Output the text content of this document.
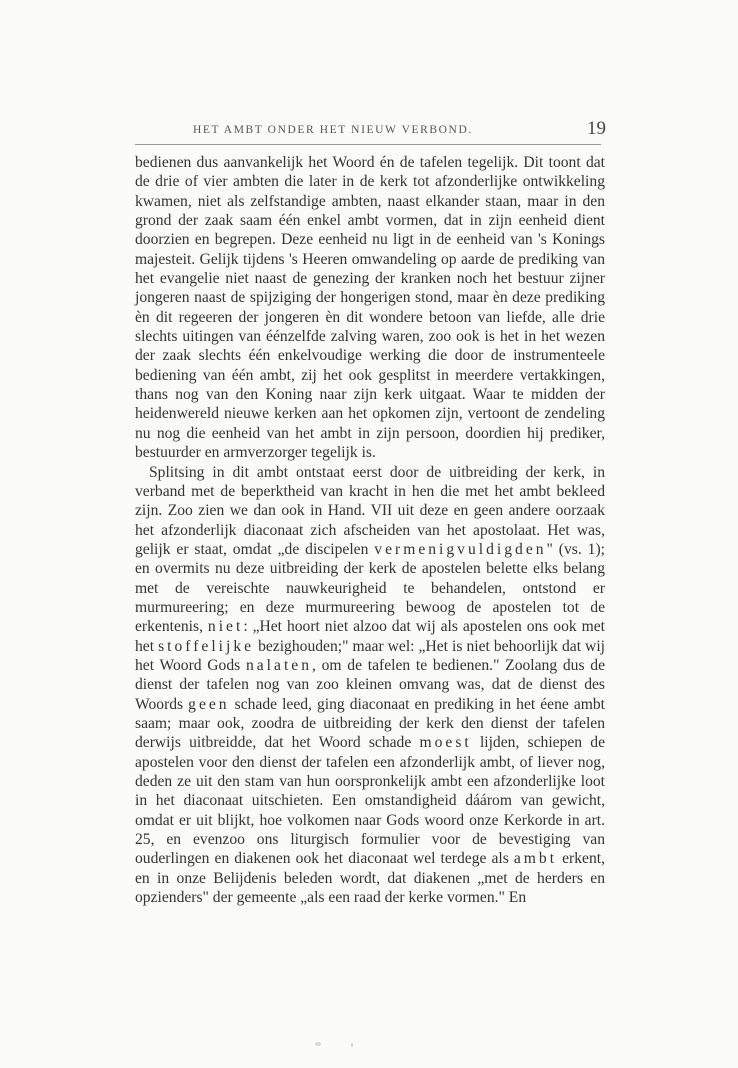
HET AMBT ONDER HET NIEUW VERBOND.	19

bedienen dus aanvankelijk het Woord én de tafelen tegelijk. Dit toont dat de drie of vier ambten die later in de kerk tot afzonderlijke ontwikkeling kwamen, niet als zelfstandige ambten, naast elkander staan, maar in den grond der zaak saam één enkel ambt vormen, dat in zijn eenheid dient doorzien en begrepen. Deze eenheid nu ligt in de eenheid van 's Konings majesteit. Gelijk tijdens 's Heeren omwandeling op aarde de prediking van het evangelie niet naast de genezing der kranken noch het bestuur zijner jongeren naast de spijziging der hongerigen stond, maar èn deze prediking èn dit regeeren der jongeren èn dit wondere betoon van liefde, alle drie slechts uitingen van éénzelfde zalving waren, zoo ook is het in het wezen der zaak slechts één enkelvoudige werking die door de instrumenteele bediening van één ambt, zij het ook gesplitst in meerdere vertakkingen, thans nog van den Koning naar zijn kerk uitgaat. Waar te midden der heidenwereld nieuwe kerken aan het opkomen zijn, vertoont de zendeling nu nog die eenheid van het ambt in zijn persoon, doordien hij prediker, bestuurder en armverzorger tegelijk is.

Splitsing in dit ambt ontstaat eerst door de uitbreiding der kerk, in verband met de beperktheid van kracht in hen die met het ambt bekleed zijn. Zoo zien we dan ook in Hand. VII uit deze en geen andere oorzaak het afzonderlijk diaconaat zich afscheiden van het apostolaat. Het was, gelijk er staat, omdat „de discipelen vermenigvuldigden" (vs. 1); en overmits nu deze uitbreiding der kerk de apostelen belette elks belang met de vereischte nauwkeurigheid te behandelen, ontstond er murmureering; en deze murmureering bewoog de apostelen tot de erkentenis, niet: „Het hoort niet alzoo dat wij als apostelen ons ook met het stoffelijke bezighouden;" maar wel: „Het is niet behoorlijk dat wij het Woord Gods nalaten, om de tafelen te bedienen." Zoolang dus de dienst der tafelen nog van zoo kleinen omvang was, dat de dienst des Woords geen schade leed, ging diaconaat en prediking in het éene ambt saam; maar ook, zoodra de uitbreiding der kerk den dienst der tafelen derwijs uitbreidde, dat het Woord schade moest lijden, schiepen de apostelen voor den dienst der tafelen een afzonderlijk ambt, of liever nog, deden ze uit den stam van hun oorspronkelijk ambt een afzonderlijke loot in het diaconaat uitschieten. Een omstandigheid dáárom van gewicht, omdat er uit blijkt, hoe volkomen naar Gods woord onze Kerkorde in art. 25, en evenzoo ons liturgisch formulier voor de bevestiging van ouderlingen en diakenen ook het diaconaat wel terdege als ambt erkent, en in onze Belijdenis beleden wordt, dat diakenen „met de herders en opzienders" der gemeente „als een raad der kerke vormen." En
